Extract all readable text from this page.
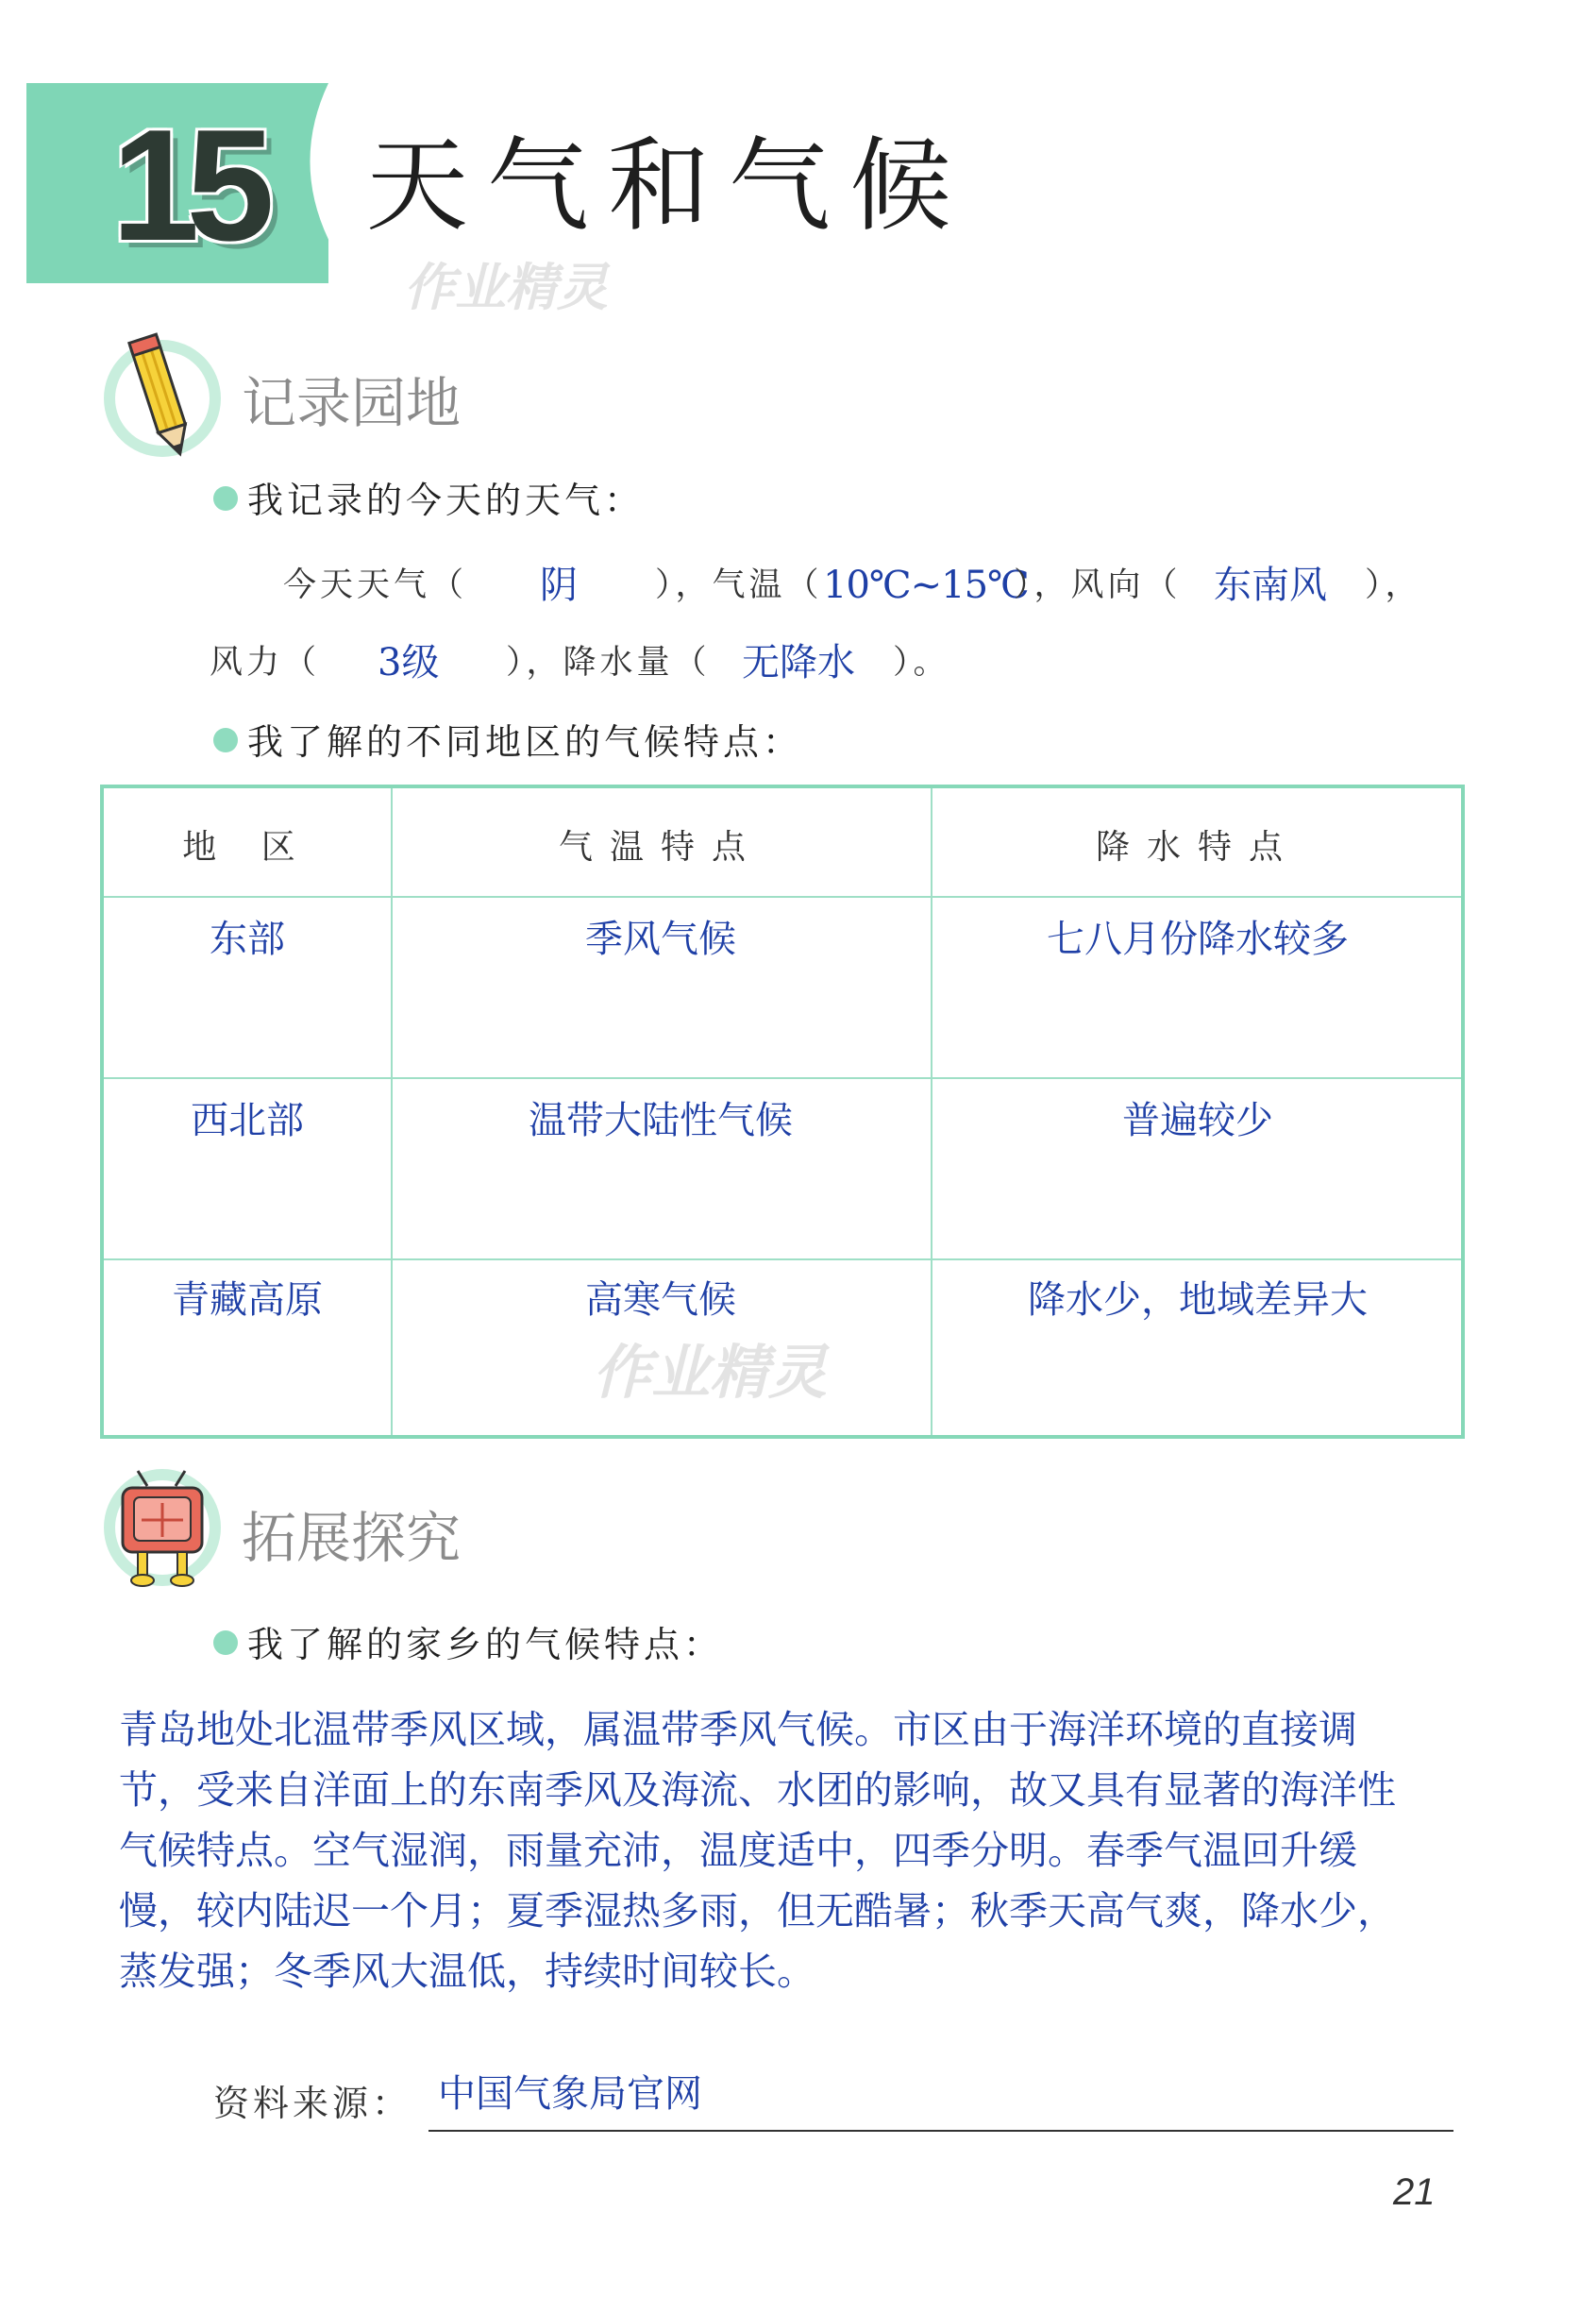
15 天气和气候
作业精灵
记录园地
我记录的今天的天气：
今天天气（ 阴 ），气温（ 10℃~15℃
），风向（ 东南风 ），
风力（ 3级 ），降水量（ 无降水 ）。
我了解的不同地区的气候特点：
地 区	气温特点	降水特点
东部	季风气候	七八月份降水较多
西北部	温带大陆性气候	普遍较少
青藏高原	高寒气候	降水少，地域差异大
作业精灵
拓展探究
我了解的家乡的气候特点：
青岛地处北温带季风区域，属温带季风气候。市区由于海洋环境的直接调节，受来自洋面上的东南季风及海流、水团的影响，故又具有显著的海洋性气候特点。空气湿润，雨量充沛，温度适中，四季分明。春季气温回升缓慢，较内陆迟一个月；夏季湿热多雨，但无酷暑；秋季天高气爽，降水少，蒸发强；冬季风大温低，持续时间较长。
资料来源： 中国气象局官网
21
